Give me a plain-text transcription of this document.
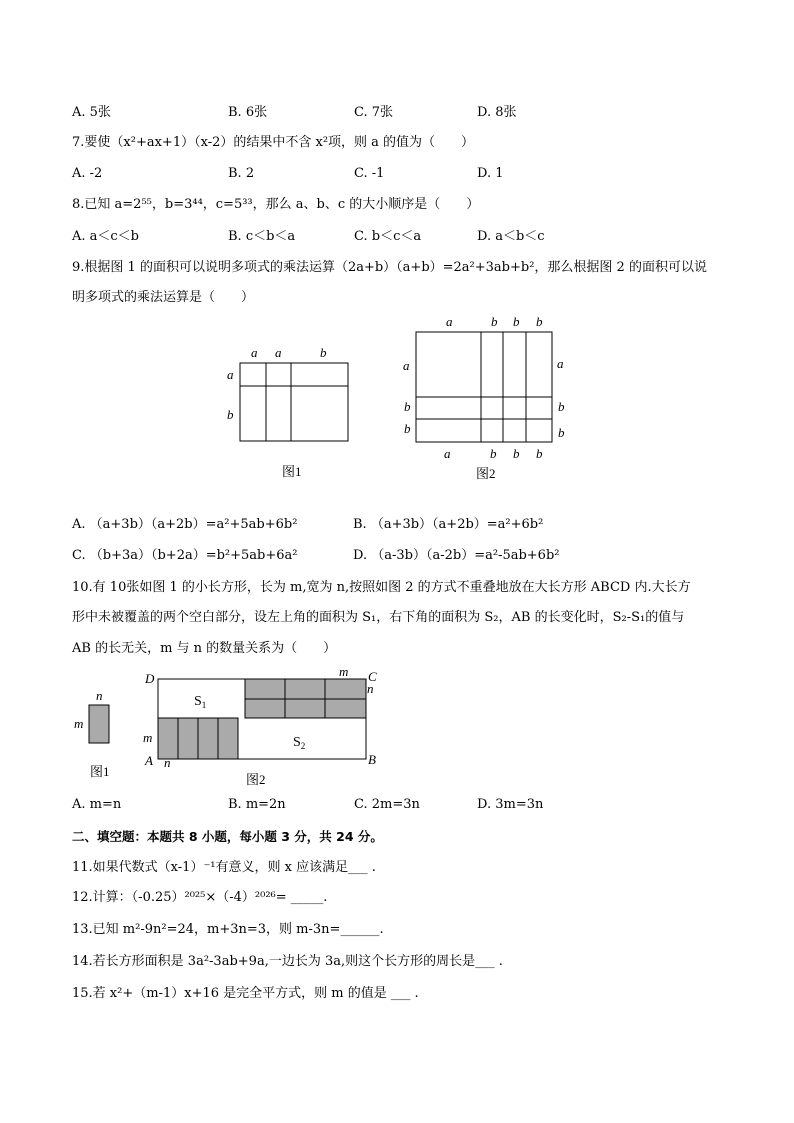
A. 5张	B. 6张	C. 7张	D. 8张
7.要使（x²+ax+1）（x-2）的结果中不含 x²项，则 a 的值为（　　）
A. -2	B. 2	C. -1	D. 1
8.已知 a=2⁵⁵，b=3⁴⁴，c=5³³，那么 a、b、c 的大小顺序是（　　）
A. a＜c＜b	B. c＜b＜a	C. b＜c＜a	D. a＜b＜c
9.根据图 1 的面积可以说明多项式的乘法运算（2a+b）（a+b）=2a²+3ab+b²，那么根据图 2 的面积可以说
明多项式的乘法运算是（　　）
a a	b
a
b
图1
a	b b b
a	b b b
a
b
b
a
b
b
图2
A. （a+3b）（a+2b）=a²+5ab+6b²	B. （a+3b）（a+2b）=a²+6b²
C. （b+3a）（b+2a）=b²+5ab+6a²	D. （a-3b）（a-2b）=a²-5ab+6b²
10.有 10张如图 1 的小长方形，长为 m,宽为 n,按照如图 2 的方式不重叠地放在大长方形 ABCD 内.大长方
形中未被覆盖的两个空白部分，设左上角的面积为 S₁，右下角的面积为 S₂，AB 的长变化时，S₂-S₁的值与
AB 的长无关，m 与 n 的数量关系为（　　）
n
m
图1
$S_1$
$S_2$
D	C
A	B
m
n
m
n
图2
A. m=n	B. m=2n	C. 2m=3n	D. 3m=3n
二、填空题：本题共 8 小题，每小题 3 分，共 24 分。
11.如果代数式（x-1）⁻¹有意义，则 x 应该满足___ .
12.计算：（-0.25）²⁰²⁵×（-4）²⁰²⁶= _____.
13.已知 m²-9n²=24，m+3n=3，则 m-3n=______.
14.若长方形面积是 3a²-3ab+9a,一边长为 3a,则这个长方形的周长是___ .
15.若 x²+（m-1）x+16 是完全平方式，则 m 的值是 ___ .
